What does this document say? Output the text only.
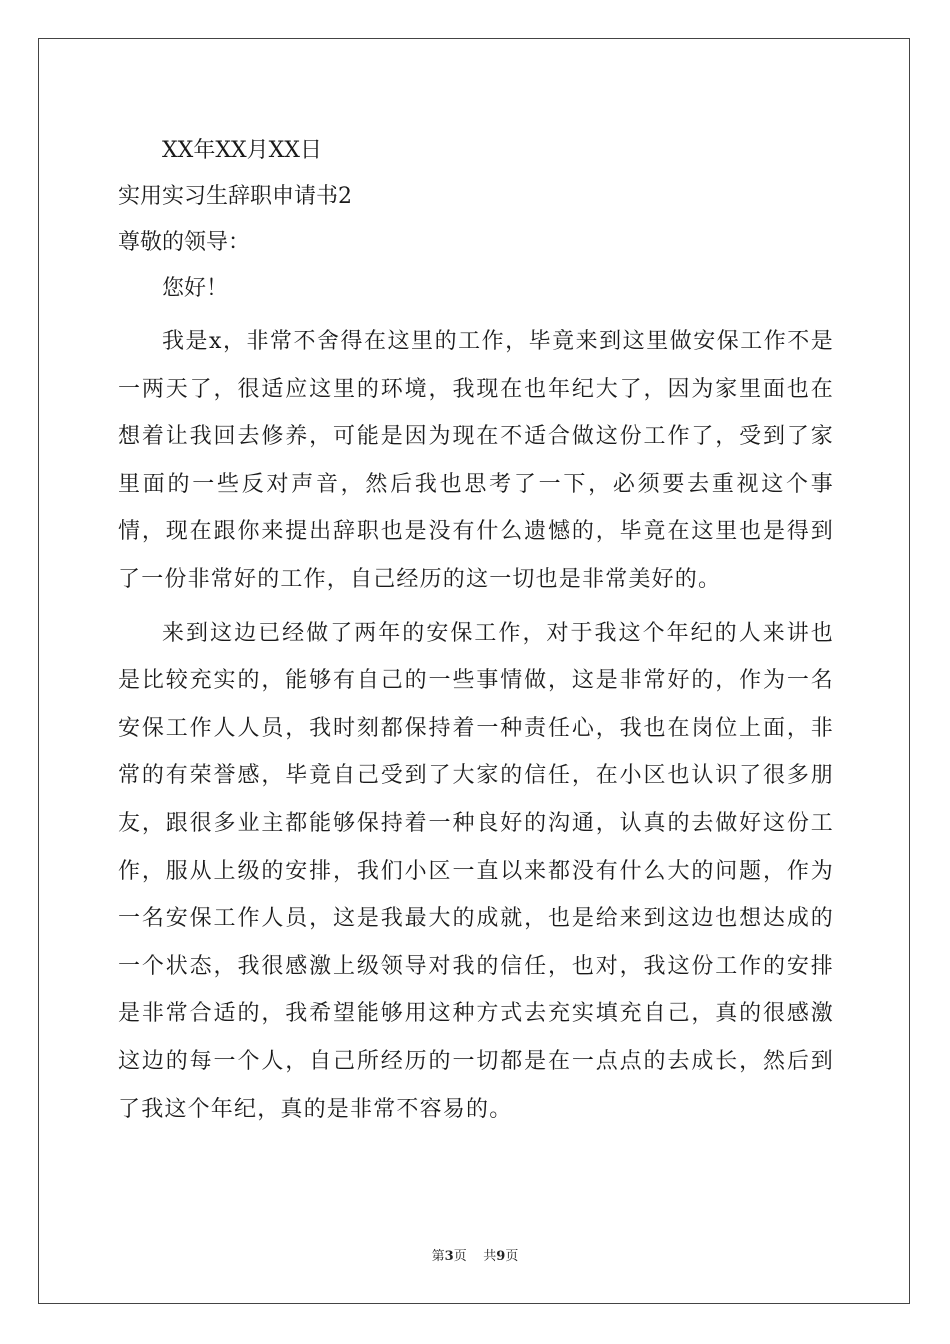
XX年XX月XX日

实用实习生辞职申请书2

尊敬的领导：

您好！

我是x，非常不舍得在这里的工作，毕竟来到这里做安保工作不是一两天了，很适应这里的环境，我现在也年纪大了，因为家里面也在想着让我回去修养，可能是因为现在不适合做这份工作了，受到了家里面的一些反对声音，然后我也思考了一下，必须要去重视这个事情，现在跟你来提出辞职也是没有什么遗憾的，毕竟在这里也是得到了一份非常好的工作，自己经历的这一切也是非常美好的。

来到这边已经做了两年的安保工作，对于我这个年纪的人来讲也是比较充实的，能够有自己的一些事情做，这是非常好的，作为一名安保工作人人员，我时刻都保持着一种责任心，我也在岗位上面，非常的有荣誉感，毕竟自己受到了大家的信任，在小区也认识了很多朋友，跟很多业主都能够保持着一种良好的沟通，认真的去做好这份工作，服从上级的安排，我们小区一直以来都没有什么大的问题，作为一名安保工作人员，这是我最大的成就，也是给来到这边也想达成的一个状态，我很感激上级领导对我的信任，也对，我这份工作的安排是非常合适的，我希望能够用这种方式去充实填充自己，真的很感激这边的每一个人，自己所经历的一切都是在一点点的去成长，然后到了我这个年纪，真的是非常不容易的。

第3页 共9页
